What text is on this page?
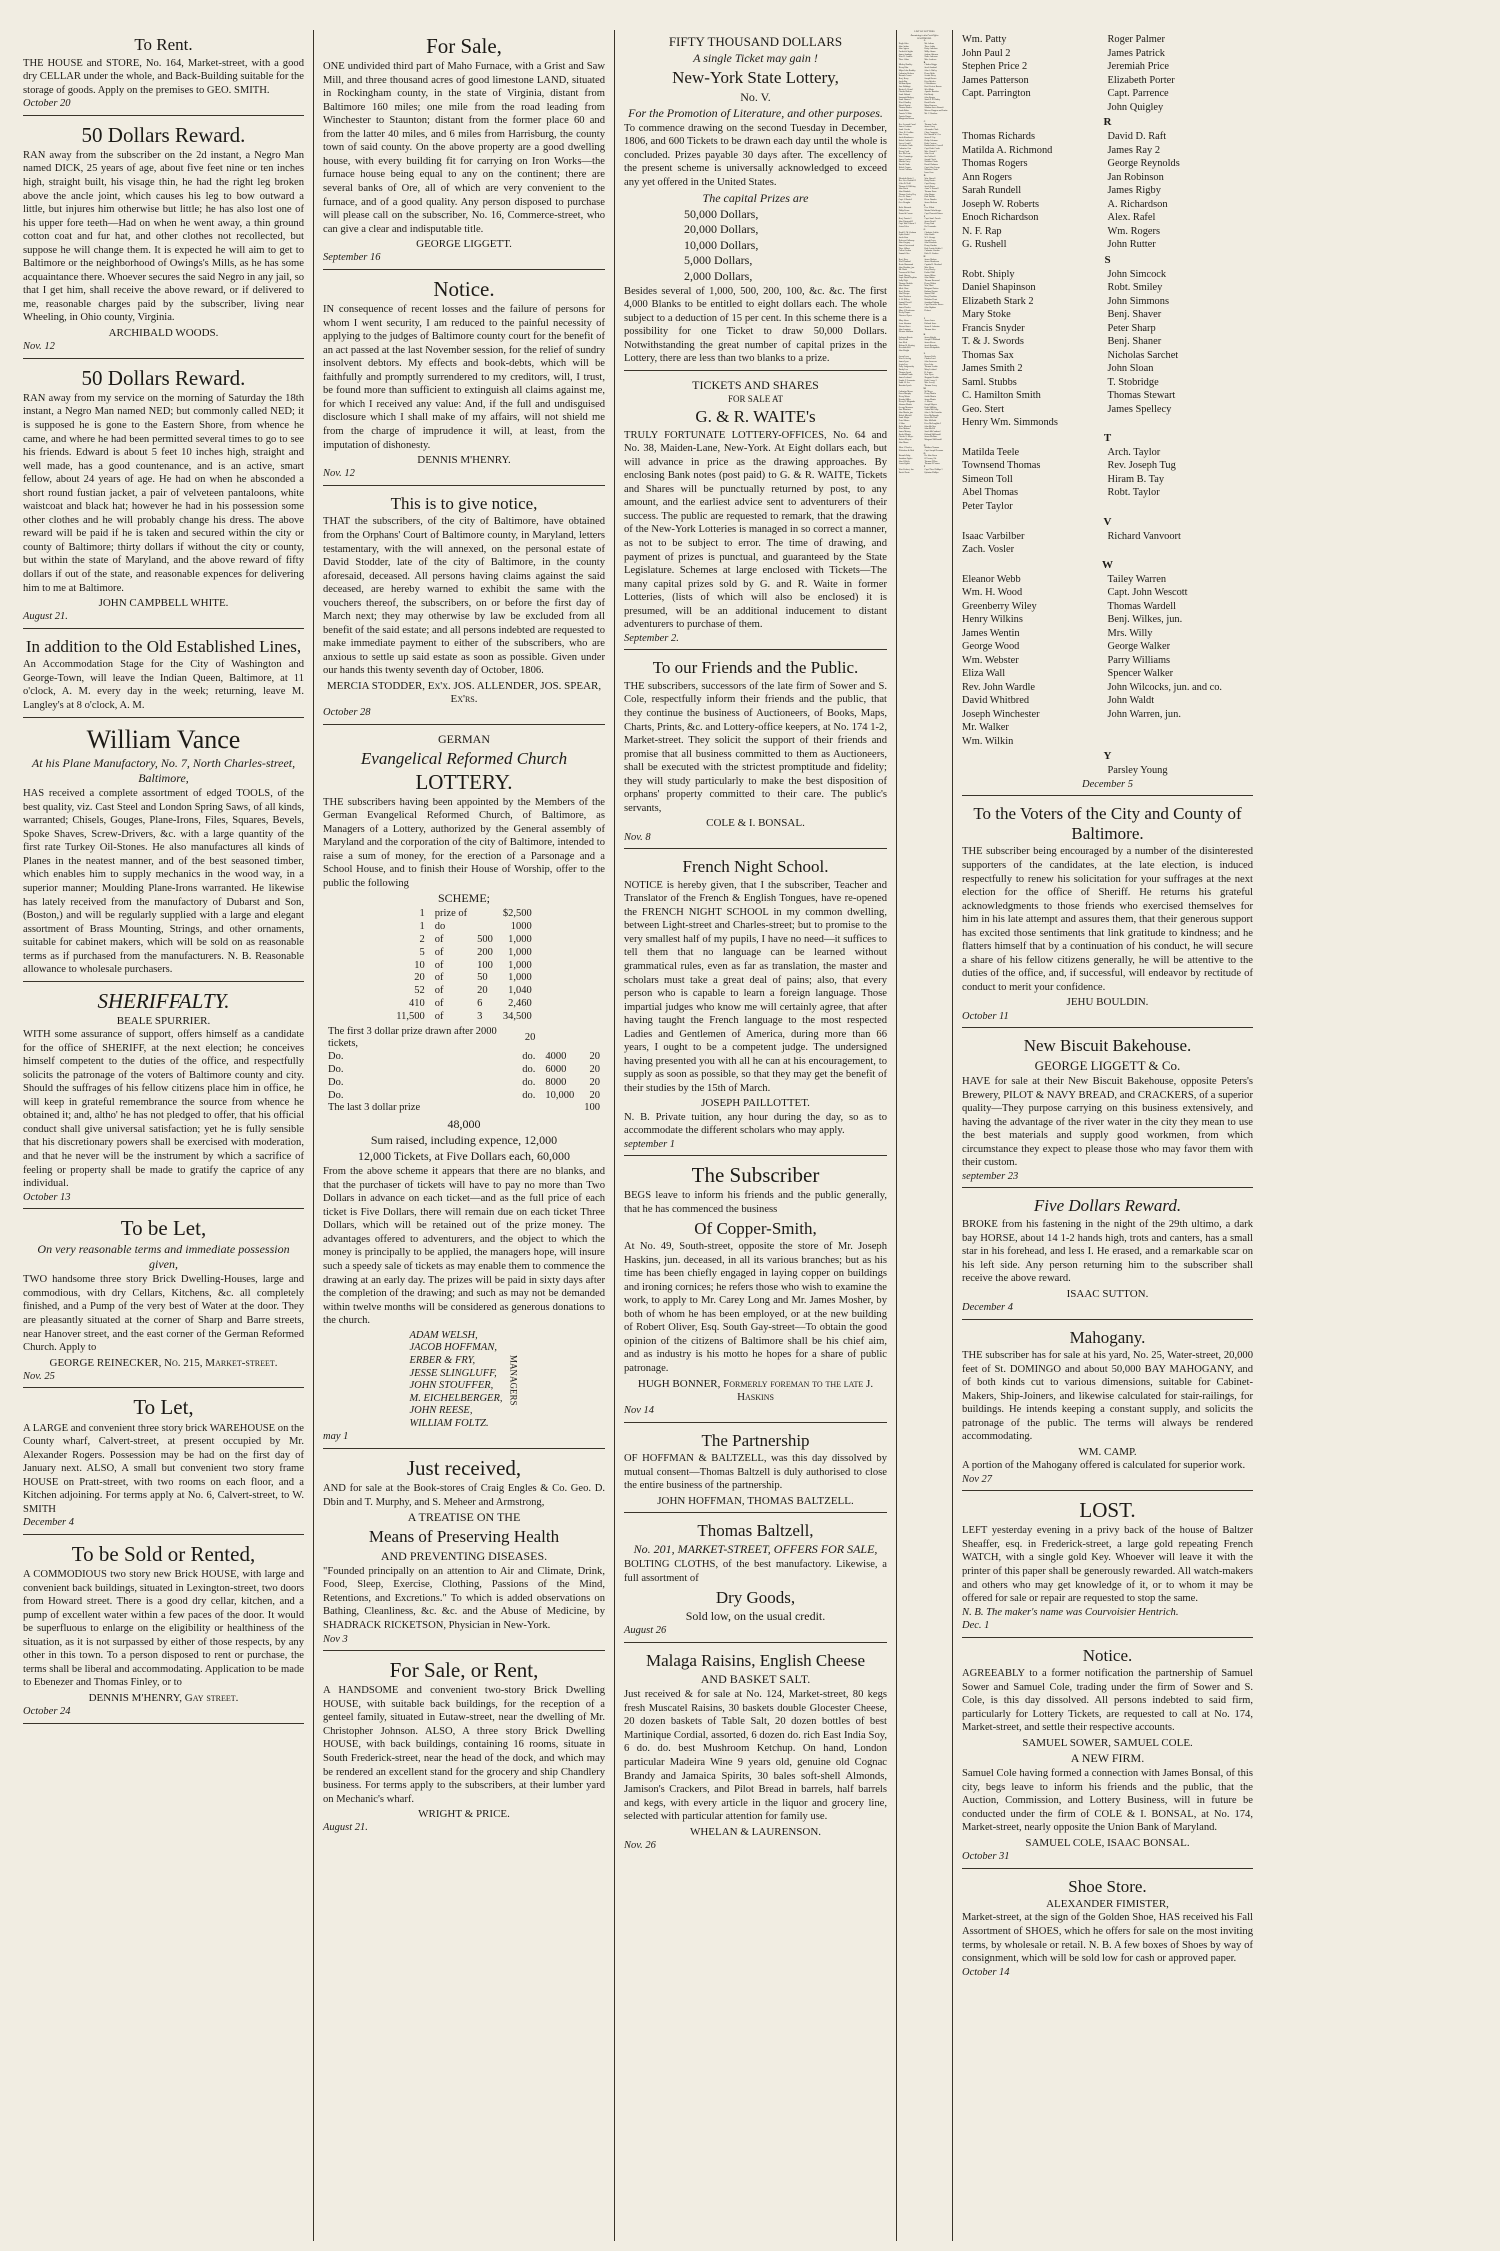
To Rent.

THE HOUSE and STORE, No. 164, Market-street, with a good dry CELLAR under the whole, and Back-Building suitable for the storage of goods. Apply on the premises to GEO. SMITH.

October 20
50 Dollars Reward.

RAN away from the subscriber on the 2d instant, a Negro Man named DICK, 25 years of age, about five feet nine or ten inches high, straight built, his visage thin, he had the right leg broken above the ancle joint, which causes his leg to bow outward a little, but injures him otherwise but little; he has also lost one of his upper fore teeth—Had on when he went away, a thin ground cotton coat and fur hat, and other clothes not recollected, but suppose he will change them. It is expected he will aim to get to Baltimore or the neighborhood of Owings's Mills, as he has some acquaintance there. Whoever secures the said Negro in any jail, so that I get him, shall receive the above reward, or if delivered to me, reasonable charges paid by the subscriber, living near Wheeling, in Ohio county, Virginia.

ARCHIBALD WOODS.
Nov. 12
50 Dollars Reward.

RAN away from my service on the morning of Saturday the 18th instant, a Negro Man named NED; but commonly called NED; it is supposed he is gone to the Eastern Shore, from whence he came, and where he had been permitted several times to go to see his friends. Edward is about 5 feet 10 inches high, straight and well made, has a good countenance, and is an active, smart fellow, about 24 years of age. He had on when he absconded a short round fustian jacket, a pair of velveteen pantaloons, white waistcoat and black hat; however he had in his possession some other clothes and he will probably change his dress. The above reward will be paid if he is taken and secured within the city or county of Baltimore; thirty dollars if without the city or county, but within the state of Maryland, and the above reward of fifty dollars if out of the state, and reasonable expences for delivering him to me at Baltimore.

JOHN CAMPBELL WHITE.
August 21.
In addition to the Old Established Lines,

An Accommodation Stage for the City of Washington and George-Town, will leave the Indian Queen, Baltimore, at 11 o'clock, A. M. every day in the week; returning, leave M. Langley's at 8 o'clock, A. M.

William Vance
At his Plane Manufactory, No. 7, North Charles-street, Baltimore,

HAS received a complete assortment of edged TOOLS, of the best quality, viz. Cast Steel and London Spring Saws, of all kinds, warranted; Chisels, Gouges, Plane-Irons, Files, Squares, Bevels, Spoke Shaves, Screw-Drivers, &c. with a large quantity of the first rate Turkey Oil-Stones. He also manufactures all kinds of Planes in the neatest manner, and of the best seasoned timber, which enables him to supply mechanics in the wood way, in a superior manner; Moulding Plane-Irons warranted. He likewise has lately received from the manufactory of Dubarst and Son, (Boston,) and will be regularly supplied with a large and elegant assortment of Brass Mounting, Strings, and other ornaments, suitable for cabinet makers, which will be sold on as reasonable terms as if purchased from the manufacturers. N. B. Reasonable allowance to wholesale purchasers.

SHERIFFALTY.
BEALE SPURRIER.

WITH some assurance of support, offers himself as a candidate for the office of SHERIFF, at the next election; he conceives himself competent to the duties of the office, and respectfully solicits the patronage of the voters of Baltimore county and city. Should the suffrages of his fellow citizens place him in office, he will keep in grateful remembrance the source from whence he obtained it; and, altho' he has not pledged to offer, that his official conduct shall give universal satisfaction; yet he is fully sensible that his discretionary powers shall be exercised with moderation, and that he never will be the instrument by which a sacrifice of feeling or property shall be made to gratify the caprice of any individual.

October 13
To be Let,
On very reasonable terms and immediate possession given,

TWO handsome three story Brick Dwelling-Houses, large and commodious, with dry Cellars, Kitchens, &c. all completely finished, and a Pump of the very best of Water at the door. They are pleasantly situated at the corner of Sharp and Barre streets, near Hanover street, and the east corner of the German Reformed Church. Apply to

GEORGE REINECKER, No. 215, Market-street.
Nov. 25
To Let,

A LARGE and convenient three story brick WAREHOUSE on the County wharf, Calvert-street, at present occupied by Mr. Alexander Rogers. Possession may be had on the first day of January next. ALSO, A small but convenient two story frame HOUSE on Pratt-street, with two rooms on each floor, and a Kitchen adjoining. For terms apply at No. 6, Calvert-street, to W. SMITH

December 4
To be Sold or Rented,

A COMMODIOUS two story new Brick HOUSE, with large and convenient back buildings, situated in Lexington-street, two doors from Howard street. There is a good dry cellar, kitchen, and a pump of excellent water within a few paces of the door. It would be superfluous to enlarge on the eligibility or healthiness of the situation, as it is not surpassed by either of those respects, by any other in this town. To a person disposed to rent or purchase, the terms shall be liberal and accommodating. Application to be made to Ebenezer and Thomas Finley, or to

DENNIS M'HENRY, Gay street.
October 24
For Sale,

ONE undivided third part of Maho Furnace, with a Grist and Saw Mill, and three thousand acres of good limestone LAND, situated in Rockingham county, in the state of Virginia, distant from Baltimore 160 miles; one mile from the road leading from Winchester to Staunton; distant from the former place 60 and from the latter 40 miles, and 6 miles from Harrisburg, the county town of said county. On the above property are a good dwelling house, with every building fit for carrying on Iron Works—the furnace house being equal to any on the continent; there are several banks of Ore, all of which are very convenient to the furnace, and of a good quality. Any person disposed to purchase will please call on the subscriber, No. 16, Commerce-street, who can give a clear and indisputable title.

GEORGE LIGGETT.
September 16
Notice.

IN consequence of recent losses and the failure of persons for whom I went security, I am reduced to the painful necessity of applying to the judges of Baltimore county court for the benefit of an act passed at the last November session, for the relief of sundry insolvent debtors. My effects and book-debts, which will be faithfully and promptly surrendered to my creditors, will, I trust, be found more than sufficient to extinguish all claims against me, for which I received any value: And, if the full and undisguised disclosure which I shall make of my affairs, will not shield me from the charge of imprudence it will, at least, from the imputation of dishonesty.

DENNIS M'HENRY.
Nov. 12
This is to give notice,

THAT the subscribers, of the city of Baltimore, have obtained from the Orphans' Court of Baltimore county, in Maryland, letters testamentary, with the will annexed, on the personal estate of David Stodder, late of the city of Baltimore, in the county aforesaid, deceased. All persons having claims against the said deceased, are hereby warned to exhibit the same with the vouchers thereof, the subscribers, on or before the first day of March next; they may otherwise by law be excluded from all benefit of the said estate; and all persons indebted are requested to make immediate payment to either of the subscribers, who are anxious to settle up said estate as soon as possible. Given under our hands this twenty seventh day of October, 1806.

MERCIA STODDER, Ex'x. JOS. ALLENDER, JOS. SPEAR, Ex'rs.
October 28
GERMAN
Evangelical Reformed Church
LOTTERY.

THE subscribers having been appointed by the Members of the German Evangelical Reformed Church, of Baltimore, as Managers of a Lottery, authorized by the General assembly of Maryland and the corporation of the city of Baltimore, intended to raise a sum of money, for the erection of a Parsonage and a School House, and to finish their House of Worship, offer to the public the following

SCHEME;
1	prize of		$2,500
1	do		1000
2	of	500	1,000
5	of	200	1,000
10	of	100	1,000
20	of	50	1,000
52	of	20	1,040
410	of	6	2,460
11,500	of	3	34,500
The first 3 dollar prize drawn after 2000 tickets,	20		
Do.	do.	4000	20
Do.	do.	6000	20
Do.	do.	8000	20
Do.	do.	10,000	20
The last 3 dollar prize			100
48,000
Sum raised, including expence, 12,000
12,000 Tickets, at Five Dollars each, 60,000

From the above scheme it appears that there are no blanks, and that the purchaser of tickets will have to pay no more than Two Dollars in advance on each ticket—and as the full price of each ticket is Five Dollars, there will remain due on each ticket Three Dollars, which will be retained out of the prize money. The advantages offered to adventurers, and the object to which the money is principally to be applied, the managers hope, will insure such a speedy sale of tickets as may enable them to commence the drawing at an early day. The prizes will be paid in sixty days after the completion of the drawing; and such as may not be demanded within twelve months will be considered as generous donations to the church.

ADAM WELSH,
JACOB HOFFMAN,
ERBER & FRY,
JESSE SLINGLUFF,
JOHN STOUFFER,
M. EICHELBERGER,
JOHN REESE,
WILLIAM FOLTZ.
MANAGERS
may 1
Just received,

AND for sale at the Book-stores of Craig Engles & Co. Geo. D. Dbin and T. Murphy, and S. Meheer and Armstrong,

A TREATISE ON THE
Means of Preserving Health
AND PREVENTING DISEASES.

"Founded principally on an attention to Air and Climate, Drink, Food, Sleep, Exercise, Clothing, Passions of the Mind, Retentions, and Excretions." To which is added observations on Bathing, Cleanliness, &c. &c. and the Abuse of Medicine, by SHADRACK RICKETSON, Physician in New-York.

Nov 3
For Sale, or Rent,

A HANDSOME and convenient two-story Brick Dwelling HOUSE, with suitable back buildings, for the reception of a genteel family, situated in Eutaw-street, near the dwelling of Mr. Christopher Johnson. ALSO, A three story Brick Dwelling HOUSE, with back buildings, containing 16 rooms, situate in South Frederick-street, near the head of the dock, and which may be rendered an excellent stand for the grocery and ship Chandlery business. For terms apply to the subscribers, at their lumber yard on Mechanic's wharf.

WRIGHT & PRICE.
August 21.
FIFTY THOUSAND DOLLARS
A single Ticket may gain !
New-York State Lottery,
No. V.
For the Promotion of Literature, and other purposes.

To commence drawing on the second Tuesday in December, 1806, and 600 Tickets to be drawn each day until the whole is concluded. Prizes payable 30 days after. The excellency of the present scheme is universally acknowledged to exceed any yet offered in the United States.

The capital Prizes are
50,000 Dollars,
20,000 Dollars,
10,000 Dollars,
5,000 Dollars,
2,000 Dollars,

Besides several of 1,000, 500, 200, 100, &c. &c. The first 4,000 Blanks to be entitled to eight dollars each. The whole subject to a deduction of 15 per cent. In this scheme there is a possibility for one Ticket to draw 50,000 Dollars. Notwithstanding the great number of capital prizes in the Lottery, there are less than two blanks to a prize.

TICKETS AND SHARES
FOR SALE AT
G. & R. WAITE's

TRULY FORTUNATE LOTTERY-OFFICES, No. 64 and No. 38, Maiden-Lane, New-York. At Eight dollars each, but will advance in price as the drawing approaches. By enclosing Bank notes (post paid) to G. & R. WAITE, Tickets and Shares will be punctually returned by post, to any amount, and the earliest advice sent to adventurers of their success. The public are requested to remark, that the drawing of the New-York Lotteries is managed in so correct a manner, as not to be subject to error. The time of drawing, and payment of prizes is punctual, and guaranteed by the State Legislature. Schemes at large enclosed with Tickets—The many capital prizes sold by G. and R. Waite in former Lotteries, (lists of which will also be enclosed) it is presumed, will be an additional inducement to distant adventurers to purchase of them.

September 2.
To our Friends and the Public.

THE subscribers, successors of the late firm of Sower and S. Cole, respectfully inform their friends and the public, that they continue the business of Auctioneers, of Books, Maps, Charts, Prints, &c. and Lottery-office keepers, at No. 174 1-2, Market-street. They solicit the support of their friends and promise that all business committed to them as Auctioneers, shall be executed with the strictest promptitude and fidelity; they will study particularly to make the best disposition of orphans' property committed to their care. The public's servants,

COLE & I. BONSAL.
Nov. 8
French Night School.

NOTICE is hereby given, that I the subscriber, Teacher and Translator of the French & English Tongues, have re-opened the FRENCH NIGHT SCHOOL in my common dwelling, between Light-street and Charles-street; but to promise to the very smallest half of my pupils, I have no need—it suffices to tell them that no language can be learned without grammatical rules, even as far as translation, the master and scholars must take a great deal of pains; also, that every person who is capable to learn a foreign language. Those impartial judges who know me will certainly agree, that after having taught the French language to the most respected Ladies and Gentlemen of America, during more than 66 years, I ought to be a competent judge. The undersigned having presented you with all he can at his encouragement, to supply as soon as possible, so that they may get the benefit of their studies by the 15th of March.

JOSEPH PAILLOTTET.

N. B. Private tuition, any hour during the day, so as to accommodate the different scholars who may apply.

september 1
The Subscriber

BEGS leave to inform his friends and the public generally, that he has commenced the business

Of Copper-Smith,

At No. 49, South-street, opposite the store of Mr. Joseph Haskins, jun. deceased, in all its various branches; but as his time has been chiefly engaged in laying copper on buildings and ironing cornices; he refers those who wish to examine the work, to apply to Mr. Carey Long and Mr. James Mosher, by both of whom he has been employed, or at the new building of Robert Oliver, Esq. South Gay-street—To obtain the good opinion of the citizens of Baltimore shall be his chief aim, and as industry is his motto he hopes for a share of public patronage.

HUGH BONNER, Formerly foreman to the late J. Haskins
Nov 14
The Partnership

OF HOFFMAN & BALTZELL, was this day dissolved by mutual consent—Thomas Baltzell is duly authorised to close the entire business of the partnership.

JOHN HOFFMAN, THOMAS BALTZELL.
Thomas Baltzell,
No. 201, MARKET-STREET, OFFERS FOR SALE,

BOLTING CLOTHS, of the best manufactory. Likewise, a full assortment of

Dry Goods,
Sold low, on the usual credit.
August 26
Malaga Raisins, English Cheese
AND BASKET SALT.

Just received & for sale at No. 124, Market-street, 80 kegs fresh Muscatel Raisins, 30 baskets double Glocester Cheese, 20 dozen baskets of Table Salt, 20 dozen bottles of best Martinique Cordial, assorted, 6 dozen do. rich East India Soy, 6 do. do. best Mushroom Ketchup. On hand, London particular Madeira Wine 9 years old, genuine old Cognac Brandy and Jamaica Spirits, 30 bales soft-shell Almonds, Jamison's Crackers, and Pilot Bread in barrels, half barrels and kegs, with every article in the liquor and grocery line, selected with particular attention for family use.

WHELAN & LAURENSON.
Nov. 26
LIST OF LETTERS
Remaining in the Post-Office
BALTIMORE.
A
Hugh Allen
John Arthur
John Agnew
Frederick Aigitis
James Armitage
Wm. H. Andrew
Thos. Allare
Mr. Arlinas
Thos. Ashby
Betty Anderson
Milly Adams
Joshua Atkinson
Nath. Anderson
Mrs. Andrews
B
Mickey Bradley
Henry Blue
Major John Bordley
Catharine Beckers
Hannah Crown
Benj. Berry
Jacob Bur
William Byrne
Jane Baldings
Harriet L. Beard
Charles Barlow
Saml. Boland
Susannah Bishray
Saml. Barnes 2
Nicol. Bradley
Edwd. Boufat
Thomas Barker
Sarah Baker
Francis V. Blair
Francis Barnes
Margaretta Brown
Charles Briggs
Jacob Lankard
John A. Bailey
Henry Bride
Jerome Berry
Joseph Brown
Peter Bricker
J. Brickhower
Beal. Prefect Barron
Silvi Blake
Aqualer Barnlow
Patt Brady
John Benges
Sarah E. B. Buffey
David Locke
Mary Borrows
Johanna Jones Barnoff
Messrs. Burgess and Lurine
Mr. C. Bantlow
C
Rev. Leonard Cassel
James Cochran
Saml. Crooks
Chas. R. Coolbire
Jane Crerry
Jacob Kannhaven
Richd. Caldwell
Lacey Confell
Alexander Cruth
Catharine Carr
Henry Coale
Rev. Mr. Lutz
Wm. Cummings
James Crocker
Martha Carey
David Clintle
Richd. Copper
Aaron Coleman
Thomas Cooke
James Carey
Alexander Clark
Chas. Carpenter
Dr. Edward W. Cox
James P. Cay
Philip Coleman
Robt. Crayton
Bartholomew Connell
Capt. Robt. Cooke
Mrs. Church 2
John Crech
Jan Caldwell
Joseph Clook
Nicholas Clarke
David Chalmers
Capt. John Cowpe
Nicholas Clarke
Isaac Cum
D
Elizabeth Davis 2
Rev. Geo. Dashiell 2
Allen D. Neill
Thomas G. Dillehay
John Davis
John Dinsdale
Thomas Cooley Dey
Geo. D. Dunn
Capt. J. Davied
Geo. Douglas
Wm. Darnell
Betty Davies
Capt. Dorsey
Jacob Deton
Anna V. Donnell
Thomas Dunn
John Dugan
Paul Davidn
Pierre Dunden
James Dickson
E
Robt. Edwards
Philip Evans
Evans & Cowan
Geo. Elliott
Martin Eichelberger
Capt. Hancock Eutace
F
Benj. Francis 2
John Fitzgerald 2
Capt. Wm. Fabens 2
Amos Foles
Capt. Saml. French
James Farrell
Henry Fruit
Dr. Fernandes
G
Dodd C. M. Graham
Lydia Gould
Jacob Gaar
Rebecca Galloway
John Gregory
James Greenwood
Thos. Gilbert
Calios Gordon
Samuel Glea
Charlotte Griffin
John Grubb
W. J. Grange
Joseph Grove
John Goodwin
Henry Gardner
Dolr. Lactin Griffin 2
Catharine Gordon
Rich. B. Gordon
H
Benj. Hacy
Wm. Hamond
Rezin Hammond
John Hopkins, jun.
Mr. Hasse
Townsend W. Hunt
Saml. Harvey
Sopie David Hopkins
Sally High
Thomas Hedrick
John Hanson
Mich. Hunt
Benj. Hooker
John Hooper
Isaac Harrison
S. W. Hillery
Samuel Howell
John Howe
James Hooker
Mary J. Henderson
Henry Harper
Florence Hynes
James Hodson
James Henderson
Captain D. Howland
Max Henry
Lucy Harvey
Ezekiel Hall
James Hilton
John Hutton
Thomas Harwood
Henry Hebbie
Wm. Hunt
Margaret Hutton
Barbara Hasson
Samuel Hall
Benj. Hawkins
Nicholas Heart
Jonathan Higham
Capt. Ebenezer Hawes
John Hopkins
Herbert
J
Mary Johns
Anne Johnston
Edward Jones
John Jennings
Eleanor Johnston
James Jones
Richard Jones
Susan S. Johnston
Thomas Joice
K
Solomon Karvin
Wm. Keith
Jane Kied
Richard S. Keating
Hezekiah Kell
John Knight
James Knight
Joseph P. Kirkland
James Keron
Jacob Kennedy
James Kirkpatrick
L
Aaron Lyon
Wm. Levering
James Lyon
Lewis Lay
Polly Longworthy
Darby Lux
Thomas Lynch
Archibald Lamb
James Lockard
Sophie F. Lancaster
Saml. W. Lee
Barnaba Lynch
Simeon Little
Charles Lord
John Lawrence
Peter Lake
Thomas Leakin
Mary Lettford
B. Logan
Wm. Lyon
Sheppard Leakin
Robt. Lowry 2
Mrs. Levely
Thomas Leavy
M
Catharine Moore
Owen Murphy
Henry Moore
Horatio Miller
Henry B. Magruder
Johanna Martin
George Montrow
Jane Morrison
John Martin, jun.
Richd. Mitchell
Saml. Major
Peter Monro
J. Marr
Robt. Maxwell
Wm. Mahane
James Murray
Rachel Martin
Charles S. Meyer
Robert Moyers
John Maurr
M. Meyer
Henry Martin
Josiah Martin
James Martin
A. Moore
Joseph Mayers
Robt. Millikin
Arthur McColky
John A. McConachie
Peter McDonagh
James McClure
Mrs. McNabb
Peter McLaughlin 2
John McClun
John McGill
Sarah McCausland
Richard McDonald
James McDuce
Margaret McDonald
N
Eliza J. Nowles
Nicholson & Heth
Matthew Norman
Capt. Joseph Newman
O
Hannah Oday
Jonathan Ogden
John O'Reily
Amos Ogden
Dr. John Owen
O'Connor, Ed.
Thomas O'Hare
Thomas O'Connor
P
Wm. Probert, Jun.
Daniel Posin
Capt. Thos. Phillips 2
Ephraim Phillips
Wm. Patty
John Paul 2
Stephen Price 2
James Patterson
Capt. Parrington
Roger Palmer
James Patrick
Jeremiah Price
Elizabeth Porter
Capt. Parrence
John Quigley
R
Thomas Richards
Matilda A. Richmond
Thomas Rogers
Ann Rogers
Sarah Rundell
Joseph W. Roberts
Enoch Richardson
N. F. Rap
G. Rushell
David D. Raft
James Ray 2
George Reynolds
Jan Robinson
James Rigby
A. Richardson
Alex. Rafel
Wm. Rogers
John Rutter
S
Robt. Shiply
Daniel Shapinson
Elizabeth Stark 2
Mary Stoke
Francis Snyder
T. & J. Swords
Thomas Sax
James Smith 2
Saml. Stubbs
C. Hamilton Smith
Geo. Stert
Henry Wm. Simmonds
John Simcock
Robt. Smiley
John Simmons
Benj. Shaver
Peter Sharp
Benj. Shaner
Nicholas Sarchet
John Sloan
T. Stobridge
Thomas Stewart
James Spellecy
T
Matilda Teele
Townsend Thomas
Simeon Toll
Abel Thomas
Peter Taylor
Arch. Taylor
Rev. Joseph Tug
Hiram B. Tay
Robt. Taylor
V
Isaac Varbilber
Zach. Vosler
Richard Vanvoort
W
Eleanor Webb
Wm. H. Wood
Greenberry Wiley
Henry Wilkins
James Wentin
George Wood
Wm. Webster
Eliza Wall
Rev. John Wardle
David Whitbred
Joseph Winchester
Mr. Walker
Wm. Wilkin
Tailey Warren
Capt. John Wescott
Thomas Wardell
Benj. Wilkes, jun.
Mrs. Willy
George Walker
Parry Williams
Spencer Walker
John Wilcocks, jun. and co.
John Waldt
John Warren, jun.
Y
Parsley Young
December 5
To the Voters of the City and County of Baltimore.

THE subscriber being encouraged by a number of the disinterested supporters of the candidates, at the late election, is induced respectfully to renew his solicitation for your suffrages at the next election for the office of Sheriff. He returns his grateful acknowledgments to those friends who exercised themselves for him in his late attempt and assures them, that their generous support has excited those sentiments that link gratitude to kindness; and he flatters himself that by a continuation of his conduct, he will secure a share of his fellow citizens generally, he will be attentive to the duties of the office, and, if successful, will endeavor by rectitude of conduct to merit your confidence.

JEHU BOULDIN.
October 11
New Biscuit Bakehouse.
GEORGE LIGGETT & Co.

HAVE for sale at their New Biscuit Bakehouse, opposite Peters's Brewery, PILOT & NAVY BREAD, and CRACKERS, of a superior quality—They purpose carrying on this business extensively, and having the advantage of the river water in the city they mean to use the best materials and supply good workmen, from which circumstance they expect to please those who may favor them with their custom.

september 23
Five Dollars Reward.

BROKE from his fastening in the night of the 29th ultimo, a dark bay HORSE, about 14 1-2 hands high, trots and canters, has a small star in his forehead, and less I. He erased, and a remarkable scar on his left side. Any person returning him to the subscriber shall receive the above reward.

ISAAC SUTTON.
December 4
Mahogany.

THE subscriber has for sale at his yard, No. 25, Water-street, 20,000 feet of St. DOMINGO and about 50,000 BAY MAHOGANY, and of both kinds cut to various dimensions, suitable for Cabinet-Makers, Ship-Joiners, and likewise calculated for stair-railings, for buildings. He intends keeping a constant supply, and solicits the patronage of the public. The terms will always be rendered accommodating.

WM. CAMP.

A portion of the Mahogany offered is calculated for superior work.

Nov 27
LOST.

LEFT yesterday evening in a privy back of the house of Baltzer Sheaffer, esq. in Frederick-street, a large gold repeating French WATCH, with a single gold Key. Whoever will leave it with the printer of this paper shall be generously rewarded. All watch-makers and others who may get knowledge of it, or to whom it may be offered for sale or repair are requested to stop the same.

N. B. The maker's name was Courvoisier Hentrich.

Dec. 1
Notice.

AGREEABLY to a former notification the partnership of Samuel Sower and Samuel Cole, trading under the firm of Sower and S. Cole, is this day dissolved. All persons indebted to said firm, particularly for Lottery Tickets, are requested to call at No. 174, Market-street, and settle their respective accounts.

SAMUEL SOWER, SAMUEL COLE.
A NEW FIRM.

Samuel Cole having formed a connection with James Bonsal, of this city, begs leave to inform his friends and the public, that the Auction, Commission, and Lottery Business, will in future be conducted under the firm of COLE & I. BONSAL, at No. 174, Market-street, nearly opposite the Union Bank of Maryland.

SAMUEL COLE, ISAAC BONSAL.
October 31
Shoe Store.
ALEXANDER FIMISTER,

Market-street, at the sign of the Golden Shoe, HAS received his Fall Assortment of SHOES, which he offers for sale on the most inviting terms, by wholesale or retail. N. B. A few boxes of Shoes by way of consignment, which will be sold low for cash or approved paper.

October 14
